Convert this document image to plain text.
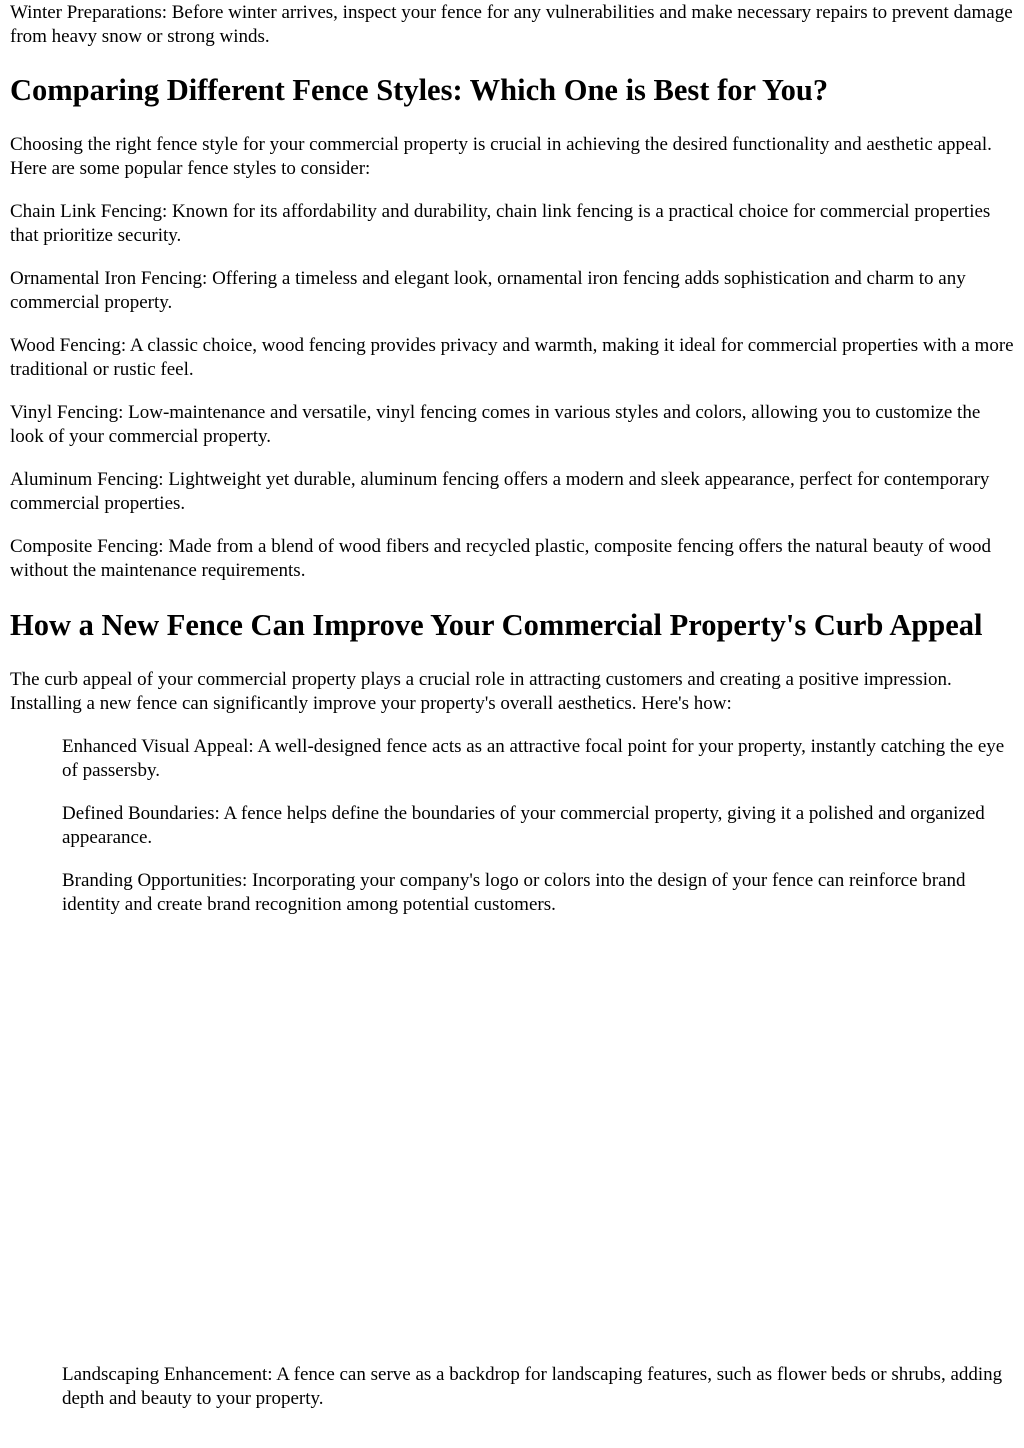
Winter Preparations: Before winter arrives, inspect your fence for any vulnerabilities and make necessary repairs to prevent damage from heavy snow or strong winds.

Comparing Different Fence Styles: Which One is Best for You?

Choosing the right fence style for your commercial property is crucial in achieving the desired functionality and aesthetic appeal. Here are some popular fence styles to consider:

Chain Link Fencing: Known for its affordability and durability, chain link fencing is a practical choice for commercial properties that prioritize security.

Ornamental Iron Fencing: Offering a timeless and elegant look, ornamental iron fencing adds sophistication and charm to any commercial property.

Wood Fencing: A classic choice, wood fencing provides privacy and warmth, making it ideal for commercial properties with a more traditional or rustic feel.

Vinyl Fencing: Low-maintenance and versatile, vinyl fencing comes in various styles and colors, allowing you to customize the look of your commercial property.

Aluminum Fencing: Lightweight yet durable, aluminum fencing offers a modern and sleek appearance, perfect for contemporary commercial properties.

Composite Fencing: Made from a blend of wood fibers and recycled plastic, composite fencing offers the natural beauty of wood without the maintenance requirements.

How a New Fence Can Improve Your Commercial Property's Curb Appeal

The curb appeal of your commercial property plays a crucial role in attracting customers and creating a positive impression. Installing a new fence can significantly improve your property's overall aesthetics. Here's how:

Enhanced Visual Appeal: A well-designed fence acts as an attractive focal point for your property, instantly catching the eye of passersby.

Defined Boundaries: A fence helps define the boundaries of your commercial property, giving it a polished and organized appearance.

Branding Opportunities: Incorporating your company's logo or colors into the design of your fence can reinforce brand identity and create brand recognition among potential customers.

Landscaping Enhancement: A fence can serve as a backdrop for landscaping features, such as flower beds or shrubs, adding depth and beauty to your property.
